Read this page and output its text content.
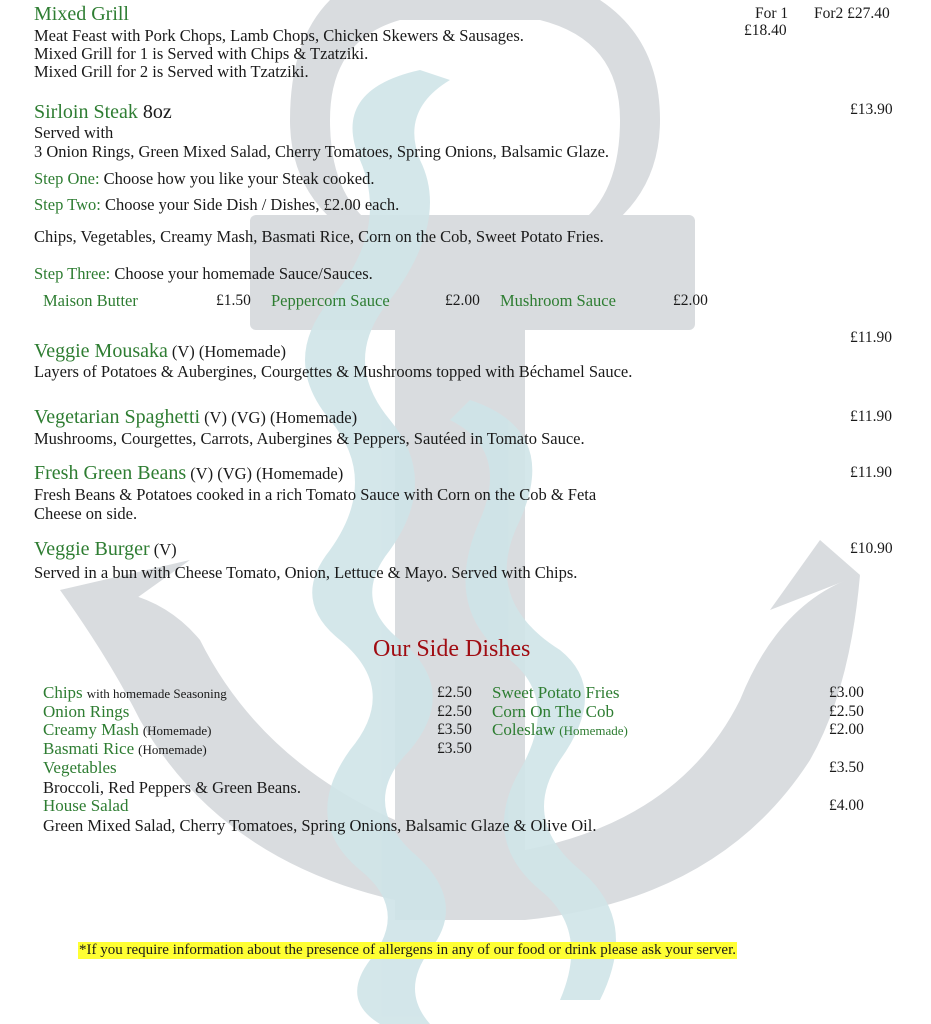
Mixed Grill
Meat Feast with Pork Chops, Lamb Chops, Chicken Skewers & Sausages.
Mixed Grill for 1 is Served with Chips & Tzatziki.
Mixed Grill for 2 is Served with Tzatziki.
For 1
£18.40
For2 £27.40
Sirloin Steak 8oz	£13.90
Served with
3 Onion Rings, Green Mixed Salad, Cherry Tomatoes, Spring Onions, Balsamic Glaze.
Step One: Choose how you like your Steak cooked.
Step Two: Choose your Side Dish / Dishes, £2.00 each.
Chips, Vegetables, Creamy Mash, Basmati Rice, Corn on the Cob, Sweet Potato Fries.
Step Three: Choose your homemade Sauce/Sauces.
Maison Butter	£1.50 Peppercorn Sauce	£2.00 Mushroom Sauce	£2.00
Veggie Mousaka (V) (Homemade)
£11.90
Layers of Potatoes & Aubergines, Courgettes & Mushrooms topped with Béchamel Sauce.
Vegetarian Spaghetti (V) (VG) (Homemade)	£11.90
Mushrooms, Courgettes, Carrots, Aubergines & Peppers, Sautéed in Tomato Sauce.
Fresh Green Beans (V) (VG) (Homemade)	£11.90
Fresh Beans & Potatoes cooked in a rich Tomato Sauce with Corn on the Cob & Feta
Cheese on side.
Veggie Burger (V)	£10.90
Served in a bun with Cheese Tomato, Onion, Lettuce & Mayo. Served with Chips.
Our Side Dishes
Chips with homemade Seasoning	£2.50
Onion Rings	£2.50
Creamy Mash (Homemade)	£3.50
Basmati Rice (Homemade)	£3.50
Sweet Potato Fries	£3.00
Corn On The Cob	£2.50
Coleslaw (Homemade)	£2.00
Vegetables	£3.50
Broccoli, Red Peppers & Green Beans.
House Salad	£4.00
Green Mixed Salad, Cherry Tomatoes, Spring Onions, Balsamic Glaze & Olive Oil.
*If you require information about the presence of allergens in any of our food or drink please ask your server.
